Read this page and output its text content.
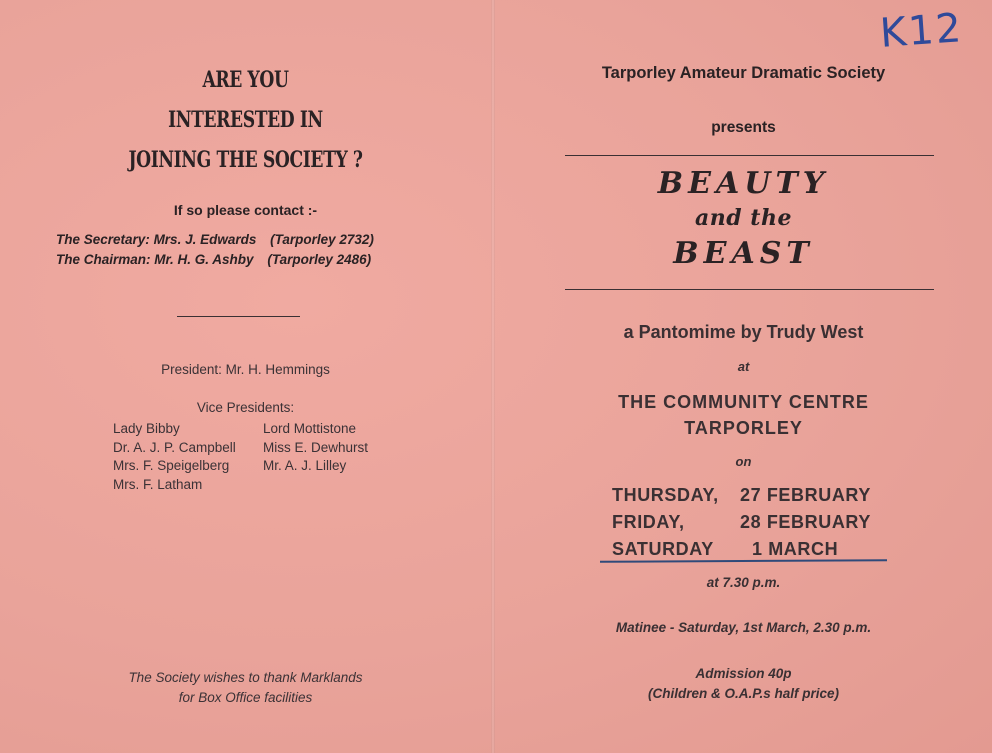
ARE YOU
INTERESTED IN
JOINING THE SOCIETY ?
If so please contact :-
The Secretary: Mrs. J. Edwards (Tarporley 2732)
The Chairman: Mr. H. G. Ashby (Tarporley 2486)
President: Mr. H. Hemmings
Vice Presidents:
Lady Bibby
Dr. A. J. P. Campbell
Mrs. F. Speigelberg
Mrs. F. Latham
Lord Mottistone
Miss E. Dewhurst
Mr. A. J. Lilley
The Society wishes to thank Marklands
for Box Office facilities
Tarporley Amateur Dramatic Society
presents
BEAUTY
and the
BEAST
a Pantomime by Trudy West
at
THE COMMUNITY CENTRE
TARPORLEY
on
THURSDAY, 27 FEBRUARY
FRIDAY,	28 FEBRUARY
SATURDAY 1 MARCH
at 7.30 p.m.
Matinee - Saturday, 1st March, 2.30 p.m.
Admission 40p
(Children & O.A.P.s half price)
K12
